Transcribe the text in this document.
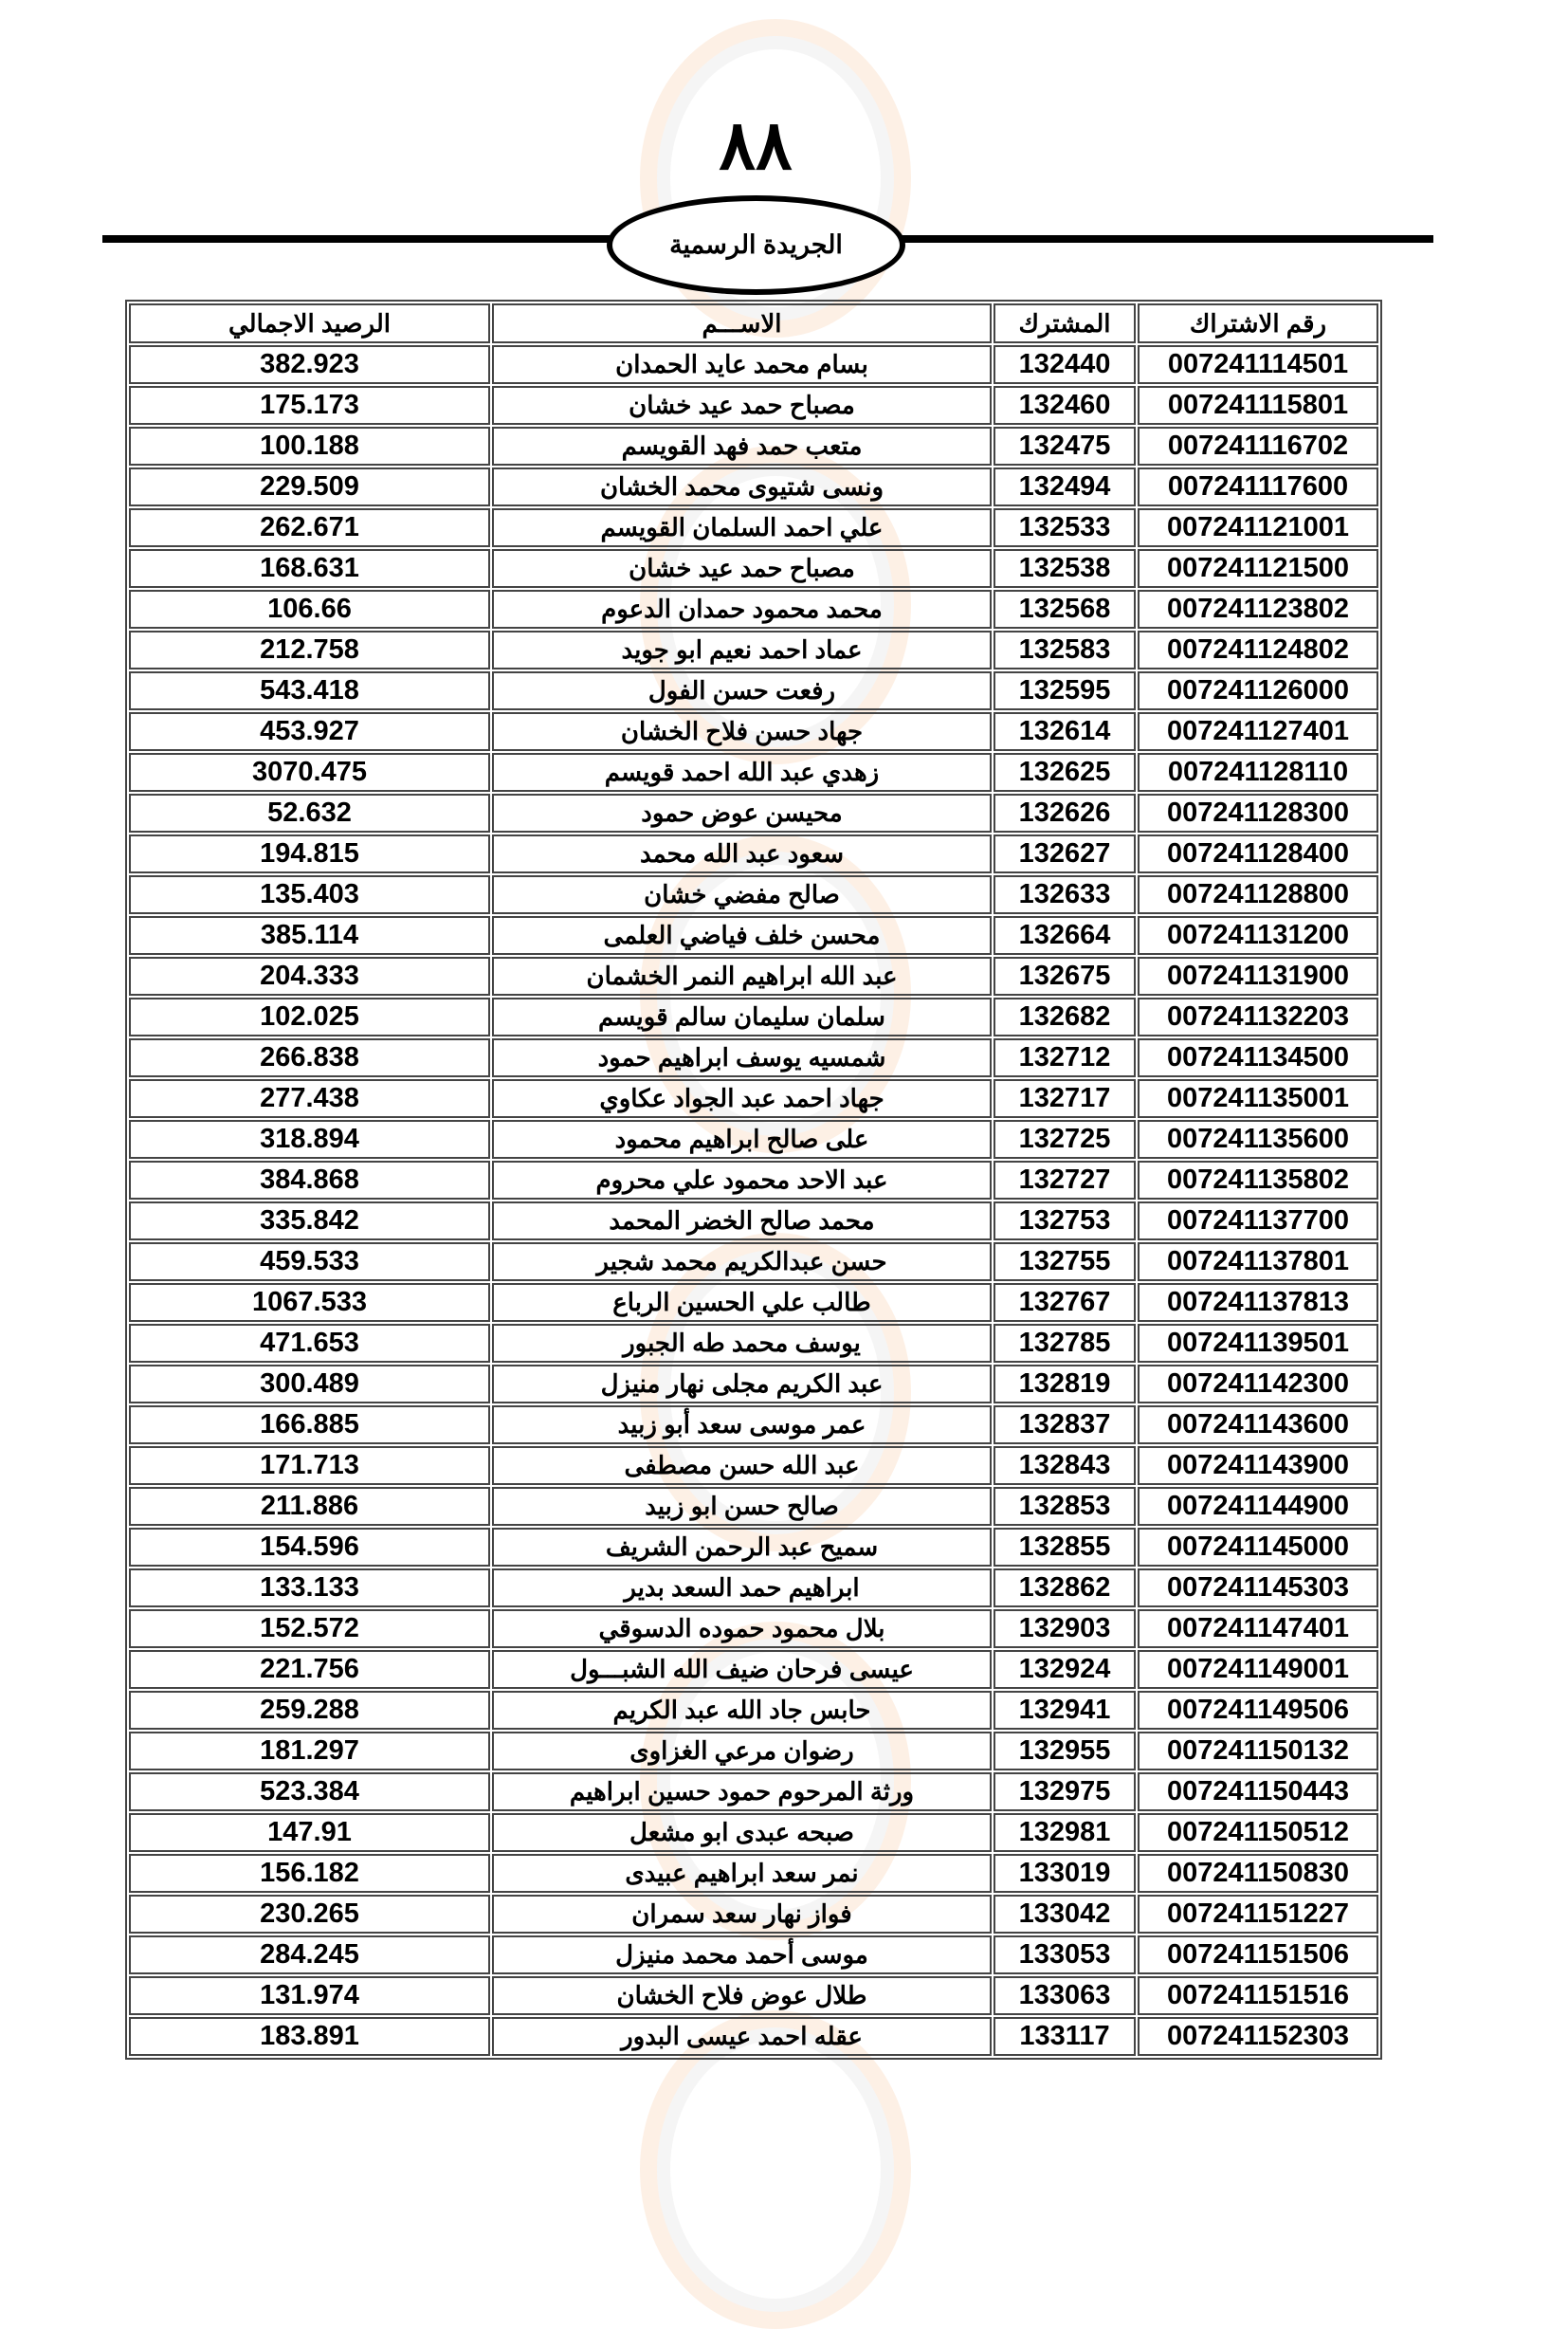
٨٨
الجريدة الرسمية
رقم الاشتراك	المشترك	الاســـم	الرصيد الاجمالي
007241114501	132440	بسام محمد عايد الحمدان	382.923
007241115801	132460	مصباح حمد عيد خشان	175.173
007241116702	132475	متعب حمد فهد القويسم	100.188
007241117600	132494	ونسى شتيوى محمد الخشان	229.509
007241121001	132533	علي احمد السلمان القويسم	262.671
007241121500	132538	مصباح حمد عيد خشان	168.631
007241123802	132568	محمد محمود حمدان الدعوم	106.66
007241124802	132583	عماد احمد نعيم ابو جويد	212.758
007241126000	132595	رفعت حسن الفول	543.418
007241127401	132614	جهاد حسن فلاح الخشان	453.927
007241128110	132625	زهدي عبد الله احمد قويسم	3070.475
007241128300	132626	محيسن عوض حمود	52.632
007241128400	132627	سعود عبد الله محمد	194.815
007241128800	132633	صالح مفضي خشان	135.403
007241131200	132664	محسن خلف فياضي العلمى	385.114
007241131900	132675	عبد الله ابراهيم النمر الخشمان	204.333
007241132203	132682	سلمان سليمان سالم قويسم	102.025
007241134500	132712	شمسيه يوسف ابراهيم حمود	266.838
007241135001	132717	جهاد احمد عبد الجواد عكاوي	277.438
007241135600	132725	على صالح ابراهيم محمود	318.894
007241135802	132727	عبد الاحد محمود علي محروم	384.868
007241137700	132753	محمد صالح الخضر المحمد	335.842
007241137801	132755	حسن عبدالكريم محمد شجير	459.533
007241137813	132767	طالب علي الحسين الرباع	1067.533
007241139501	132785	يوسف محمد طه الجبور	471.653
007241142300	132819	عبد الكريم مجلى نهار منيزل	300.489
007241143600	132837	عمر موسى سعد أبو زبيد	166.885
007241143900	132843	عبد الله حسن مصطفى	171.713
007241144900	132853	صالح حسن ابو زبيد	211.886
007241145000	132855	سميح عبد الرحمن الشريف	154.596
007241145303	132862	ابراهيم حمد السعد بدير	133.133
007241147401	132903	بلال محمود حموده الدسوقي	152.572
007241149001	132924	عيسى فرحان ضيف الله الشبـــول	221.756
007241149506	132941	حابس جاد الله عبد الكريم	259.288
007241150132	132955	رضوان مرعي الغزاوى	181.297
007241150443	132975	ورثة المرحوم حمود حسين ابراهيم	523.384
007241150512	132981	صبحه عبدى ابو مشعل	147.91
007241150830	133019	نمر سعد ابراهيم عبيدى	156.182
007241151227	133042	فواز نهار سعد سمران	230.265
007241151506	133053	موسى أحمد محمد منيزل	284.245
007241151516	133063	طلال عوض فلاح الخشان	131.974
007241152303	133117	عقله احمد عيسى البدور	183.891
